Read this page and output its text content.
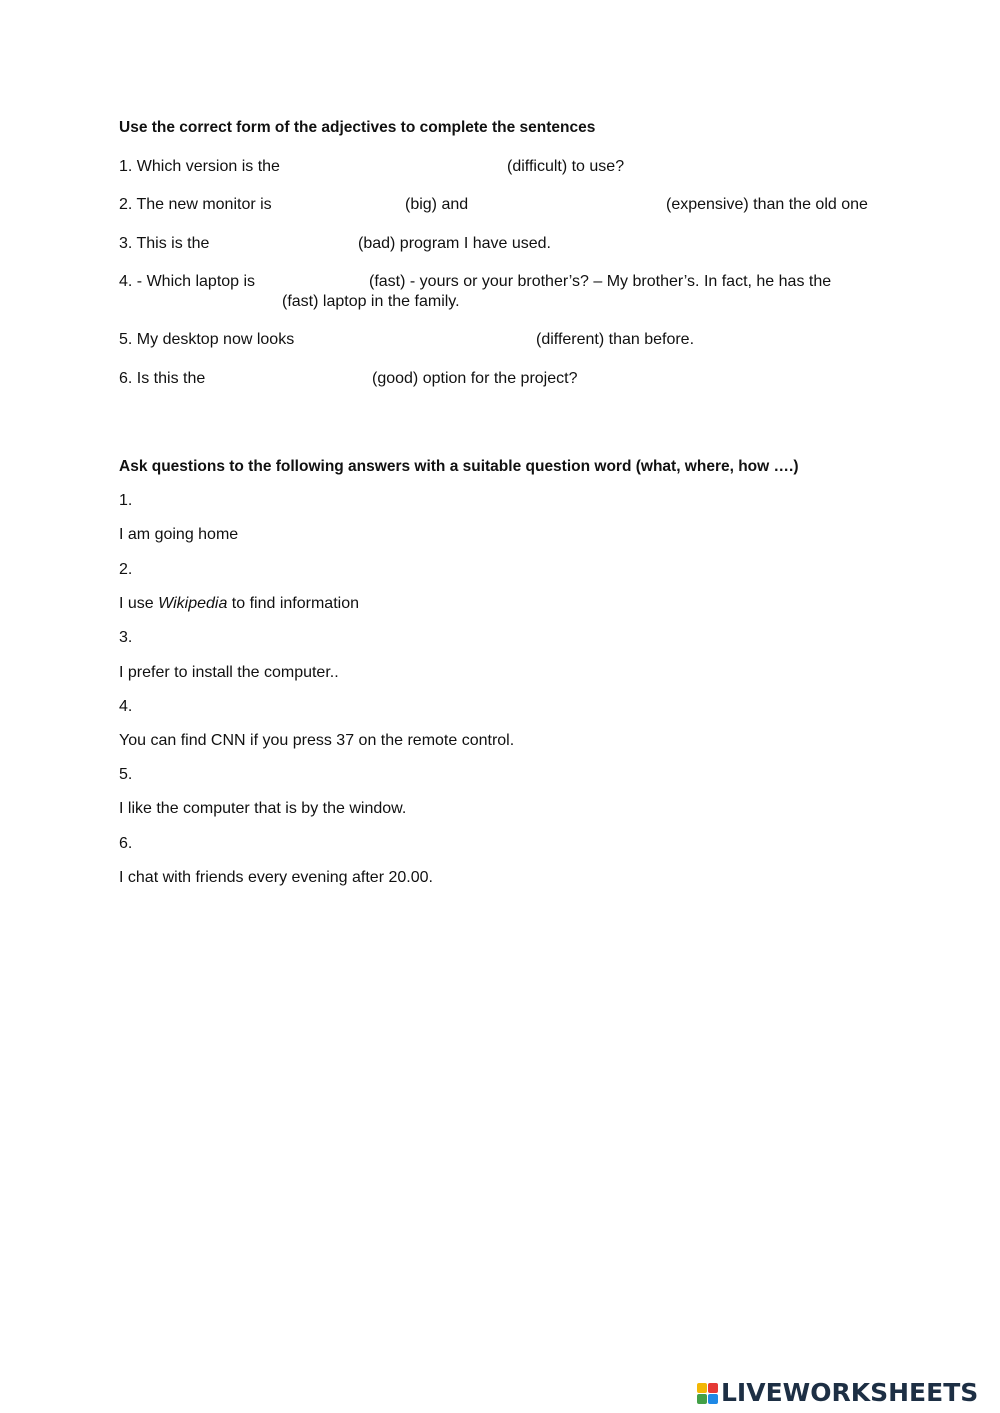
Use the correct form of the adjectives to complete the sentences
1. Which version is the	(difficult) to use?
2. The new monitor is	(big) and	(expensive) than the old one
3. This is the	(bad) program I have used.
4. - Which laptop is	(fast) - yours or your brother’s? – My brother’s. In fact, he has the
(fast) laptop in the family.
5. My desktop now looks	(different) than before.
6. Is this the	(good) option for the project?
Ask questions to the following answers with a suitable question word (what, where, how ….)
1.
I am going home
2.
I use Wikipedia to find information
3.
I prefer to install the computer..
4.
You can find CNN if you press 37 on the remote control.
5.
I like the computer that is by the window.
6.
I chat with friends every evening after 20.00.
LIVEWORKSHEETS
